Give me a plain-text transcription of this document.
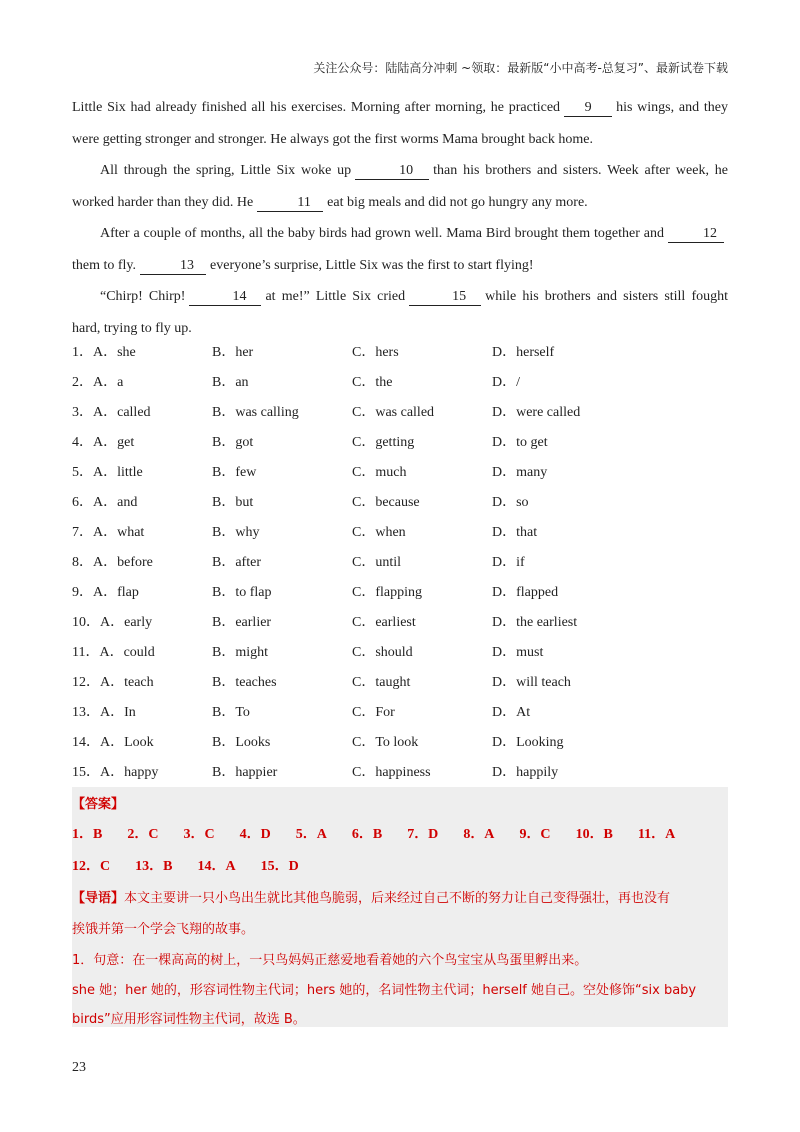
关注公众号：陆陆高分冲刺 ~领取：最新版“小中高考-总复习”、最新试卷下载

Little Six had already finished all his exercises. Morning after morning, he practiced 9 his wings, and they were getting stronger and stronger. He always got the first worms Mama brought back home.

All through the spring, Little Six woke up	10 than his brothers and sisters. Week after week, he worked harder than they did. He	11 eat big meals and did not go hungry any more.

After a couple of months, all the baby birds had grown well. Mama Bird brought them together and	12them to fly.	13 everyone’s surprise, Little Six was the first to start flying!

“Chirp! Chirp!	14 at me!” Little Six cried	15 while his brothers and sisters still fought hard, trying to fly up.

1．A．she	B．her	C．hers	D．herself
2．A．a	B．an	C．the	D．/
3．A．called	B．was calling	C．was called	D．were called
4．A．get	B．got	C．getting	D．to get
5．A．little	B．few	C．much	D．many
6．A．and	B．but	C．because	D．so
7．A．what	B．why	C．when	D．that
8．A．before	B．after	C．until	D．if
9．A．flap	B．to flap	C．flapping	D．flapped
10．A．early	B．earlier	C．earliest	D．the earliest
11．A．could	B．might	C．should	D．must
12．A．teach	B．teaches	C．taught	D．will teach
13．A．In	B．To	C．For	D．At
14．A．Look	B．Looks	C．To look	D．Looking
15．A．happy	B．happier	C．happiness	D．happily
【答案】
1．B 2．C 3．C 4．D 5．A 6．B 7．D 8．A 9．C 10．B 11．A
12．C 13．B 14．A 15．D
【导语】本文主要讲一只小鸟出生就比其他鸟脆弱，后来经过自己不断的努力让自己变得强壮，再也没有
挨饿并第一个学会飞翔的故事。
1．句意：在一棵高高的树上，一只鸟妈妈正慈爱地看着她的六个鸟宝宝从鸟蛋里孵出来。
she 她；her 她的，形容词性物主代词；hers 她的，名词性物主代词；herself 她自己。空处修饰“six baby
birds”应用形容词性物主代词，故选 B。
23
